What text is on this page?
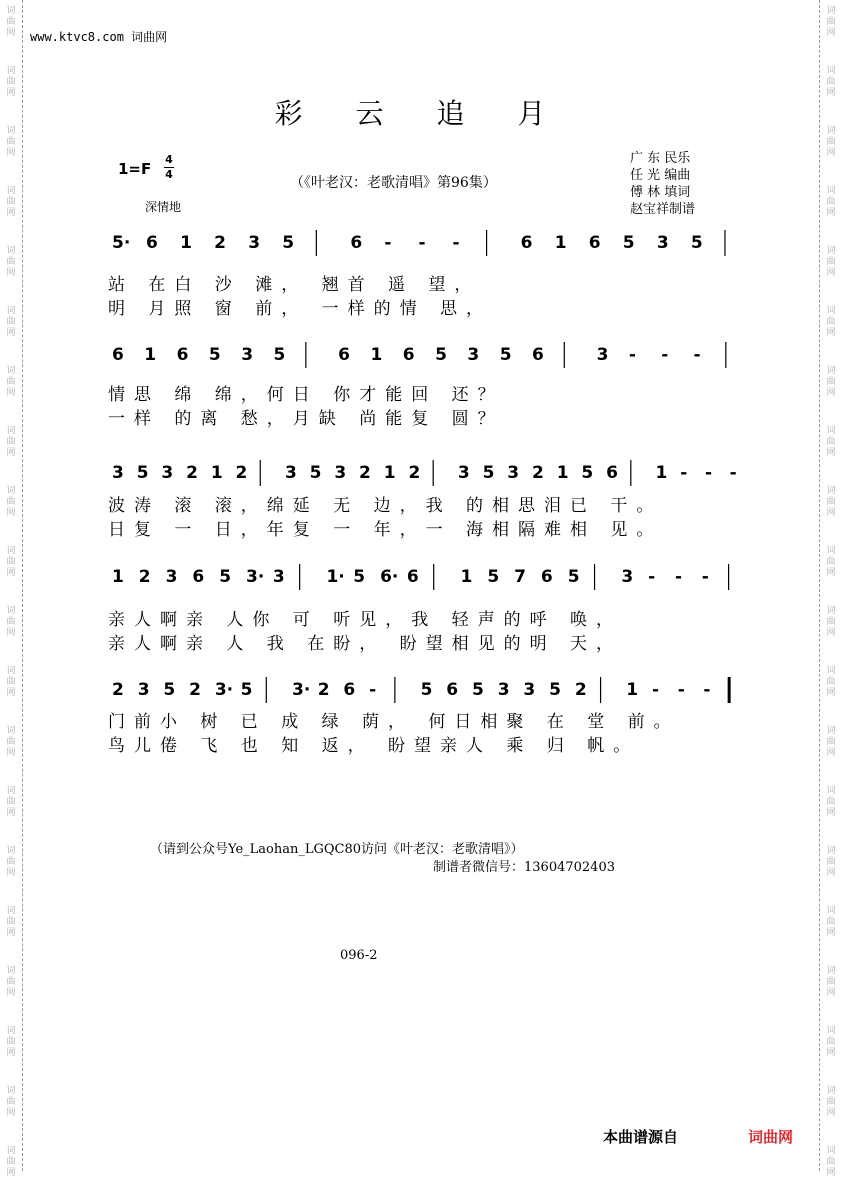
词
曲
网
词
曲
网
词
曲
网
词
曲
网
词
曲
网
词
曲
网
词
曲
网
词
曲
网
词
曲
网
词
曲
网
词
曲
网
词
曲
网
词
曲
网
词
曲
网
词
曲
网
词
曲
网
词
曲
网
词
曲
网
词
曲
网
词
曲
网
词
曲
网
词
曲
网
词
曲
网
词
曲
网
词
曲
网
词
曲
网
词
曲
网
词
曲
网
词
曲
网
词
曲
网
词
曲
网
词
曲
网
词
曲
网
词
曲
网
词
曲
网
词
曲
网
词
曲
网
词
曲
网
词
曲
网
词
曲
网
www.ktvc8.com 词曲网
彩 云 追 月
1=F
4
4
（《叶老汉：老歌清唱》第96集）
深情地
广 东 民乐
任 光 编曲
傅 林 填词
赵宝祥制谱
5· 6 1 2 3 5	6 - - -	6 1 6 5 3 5
站 在白 沙 滩， 翘首 遥 望，
明 月照 窗 前， 一样的情 思，
6 1 6 5 3 5	6 1 6 5 3 5 6	3 - - -
情思 绵 绵，何日 你才能回 还？
一样 的离 愁，月缺 尚能复 圆？
3 5 3 2 1 2 3 5 3 2 1 2 3 5 3 2 1 5 6 1 - - -
波涛 滚 滚，绵延 无 边，我 的相思泪已 干。
日复 一 日，年复 一 年，一 海相隔难相 见。
1 2 3 6 5 3· 3 1· 5 6· 6 1 5 7 6 5 3 - - -
亲人啊亲 人你 可 听见，我 轻声的呼 唤，
亲人啊亲 人 我 在盼， 盼望相见的明 天，
2 3 5 2 3· 5 3· 2 6 -	5 6 5 3 3 5 2 1 - - -
门前小 树 已 成 绿 荫， 何日相聚 在 堂 前。
鸟儿倦 飞 也 知 返， 盼望亲人 乘 归 帆。
（请到公众号Ye_Laohan_LGQC80访问《叶老汉：老歌清唱》）
制谱者微信号：13604702403
096-2
本曲谱源自	词曲网
